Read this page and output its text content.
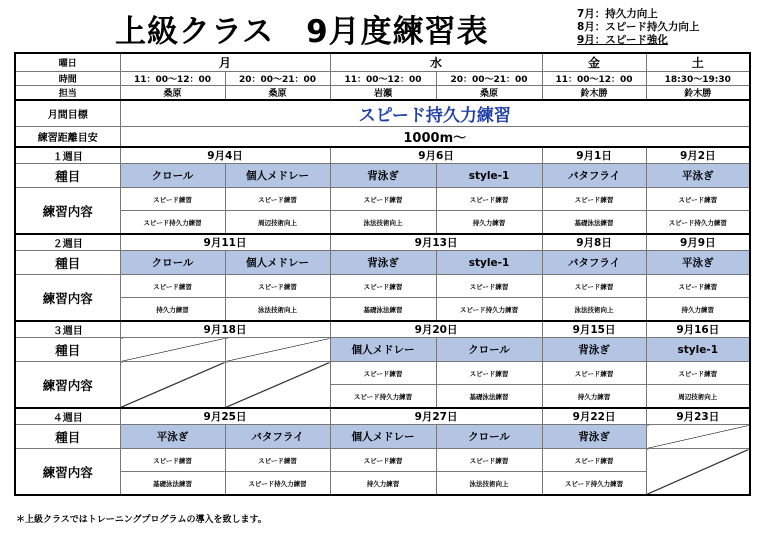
上級クラス　9月度練習表	7月：持久力向上
8月：スピード持久力向上
9月：スピード強化
曜日	月		水		金	土
時間	11：00～12：00	20：00～21：00	11：00～12：00	20：00～21：00	11：00～12：00	18:30～19:30
担当	桑原	桑原	岩瀬	桑原	鈴木勝	鈴木勝
月間目標	スピード持久力練習					
練習距離目安	1000m～					
１週目	9月4日		9月6日		9月1日	9月2日
種目	クロール	個人メドレー	背泳ぎ	style-1	バタフライ	平泳ぎ
練習内容	スピード練習	スピード練習	スピード練習	スピード練習	スピード練習	スピード練習
	スピード持久力練習	周辺技術向上	泳法技術向上	持久力練習	基礎泳法練習	スピード持久力練習
２週目	9月11日		9月13日		9月8日	9月9日
種目	クロール	個人メドレー	背泳ぎ	style-1	バタフライ	平泳ぎ
練習内容	スピード練習	スピード練習	スピード練習	スピード練習	スピード練習	スピード練習
	持久力練習	泳法技術向上	基礎泳法練習	スピード持久力練習	泳法技術向上	持久力練習
３週目	9月18日		9月20日		9月15日	9月16日
種目			個人メドレー	クロール	背泳ぎ	style-1
練習内容			スピード練習	スピード練習	スピード練習	スピード練習
			スピード持久力練習	基礎泳法練習	持久力練習	周辺技術向上
４週目	9月25日		9月27日		9月22日	9月23日
種目	平泳ぎ	バタフライ	個人メドレー	クロール	背泳ぎ	
練習内容	スピード練習	スピード練習	スピード練習	スピード練習	スピード練習	
	基礎泳法練習	スピード持久力練習	持久力練習	泳法技術向上	スピード持久力練習	
＊上級クラスではトレーニングプログラムの導入を致します。
